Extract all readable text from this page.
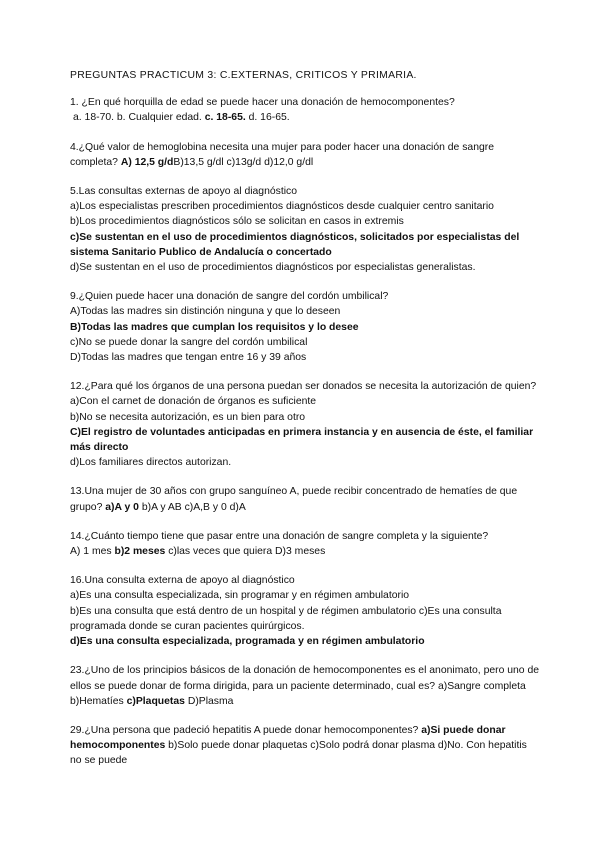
PREGUNTAS PRACTICUM 3: C.EXTERNAS, CRITICOS Y PRIMARIA.
1. ¿En qué horquilla de edad se puede hacer una donación de hemocomponentes?
a. 18-70. b. Cualquier edad. c. 18-65. d. 16-65.
4.¿Qué valor de hemoglobina necesita una mujer para poder hacer una donación de sangre completa? A) 12,5 g/dB)13,5 g/dl c)13g/d d)12,0 g/dl
5.Las consultas externas de apoyo al diagnóstico
a)Los especialistas prescriben procedimientos diagnósticos desde cualquier centro sanitario
b)Los procedimientos diagnósticos sólo se solicitan en casos in extremis
c)Se sustentan en el uso de procedimientos diagnósticos, solicitados por especialistas del sistema Sanitario Publico de Andalucía o concertado
d)Se sustentan en el uso de procedimientos diagnósticos por especialistas generalistas.
9.¿Quien puede hacer una donación de sangre del cordón umbilical?
A)Todas las madres sin distinción ninguna y que lo deseen
B)Todas las madres que cumplan los requisitos y lo desee
c)No se puede donar la sangre del cordón umbilical
D)Todas las madres que tengan entre 16 y 39 años
12.¿Para qué los órganos de una persona puedan ser donados se necesita la autorización de quien?
a)Con el carnet de donación de órganos es suficiente
b)No se necesita autorización, es un bien para otro
C)El registro de voluntades anticipadas en primera instancia y en ausencia de éste, el familiar más directo
d)Los familiares directos autorizan.
13.Una mujer de 30 años con grupo sanguíneo A, puede recibir concentrado de hematíes de que grupo? a)A y 0 b)A y AB c)A,B y 0 d)A
14.¿Cuánto tiempo tiene que pasar entre una donación de sangre completa y la siguiente?
A) 1 mes b)2 meses c)las veces que quiera D)3 meses
16.Una consulta externa de apoyo al diagnóstico
a)Es una consulta especializada, sin programar y en régimen ambulatorio
b)Es una consulta que está dentro de un hospital y de régimen ambulatorio c)Es una consulta programada donde se curan pacientes quirúrgicos.
d)Es una consulta especializada, programada y en régimen ambulatorio
23.¿Uno de los principios básicos de la donación de hemocomponentes es el anonimato, pero uno de ellos se puede donar de forma dirigida, para un paciente determinado, cual es? a)Sangre completa b)Hematíes c)Plaquetas D)Plasma
29.¿Una persona que padeció hepatitis A puede donar hemocomponentes? a)Si puede donar hemocomponentes b)Solo puede donar plaquetas c)Solo podrá donar plasma d)No. Con hepatitis no se puede
